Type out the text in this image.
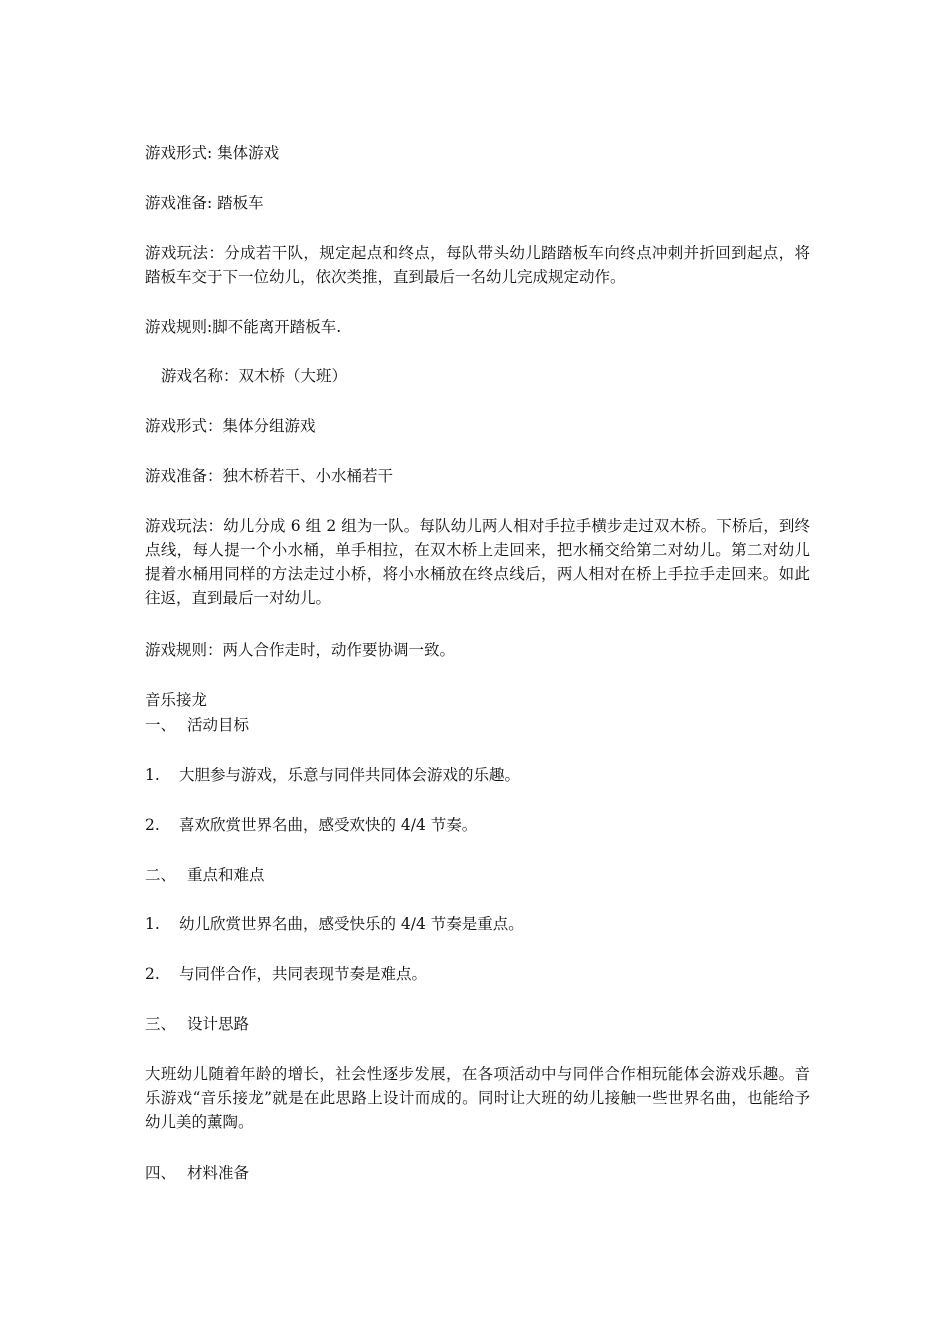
游戏形式: 集体游戏

游戏准备: 踏板车

游戏玩法：分成若干队，规定起点和终点，每队带头幼儿踏踏板车向终点冲刺并折回到起点，将踏板车交于下一位幼儿，依次类推，直到最后一名幼儿完成规定动作。

游戏规则:脚不能离开踏板车.

游戏名称：双木桥（大班）

游戏形式：集体分组游戏

游戏准备：独木桥若干、小水桶若干

游戏玩法：幼儿分成 6 组 2 组为一队。每队幼儿两人相对手拉手横步走过双木桥。下桥后，到终点线，每人提一个小水桶，单手相拉，在双木桥上走回来，把水桶交给第二对幼儿。第二对幼儿提着水桶用同样的方法走过小桥，将小水桶放在终点线后，两人相对在桥上手拉手走回来。如此往返，直到最后一对幼儿。

游戏规则：两人合作走时，动作要协调一致。

音乐接龙

一、 活动目标

1. 大胆参与游戏，乐意与同伴共同体会游戏的乐趣。

2. 喜欢欣赏世界名曲，感受欢快的 4/4 节奏。

二、 重点和难点

1. 幼儿欣赏世界名曲，感受快乐的 4/4 节奏是重点。

2. 与同伴合作，共同表现节奏是难点。

三、 设计思路

大班幼儿随着年龄的增长，社会性逐步发展，在各项活动中与同伴合作相玩能体会游戏乐趣。音乐游戏“音乐接龙”就是在此思路上设计而成的。同时让大班的幼儿接触一些世界名曲，也能给予幼儿美的薰陶。

四、 材料准备
